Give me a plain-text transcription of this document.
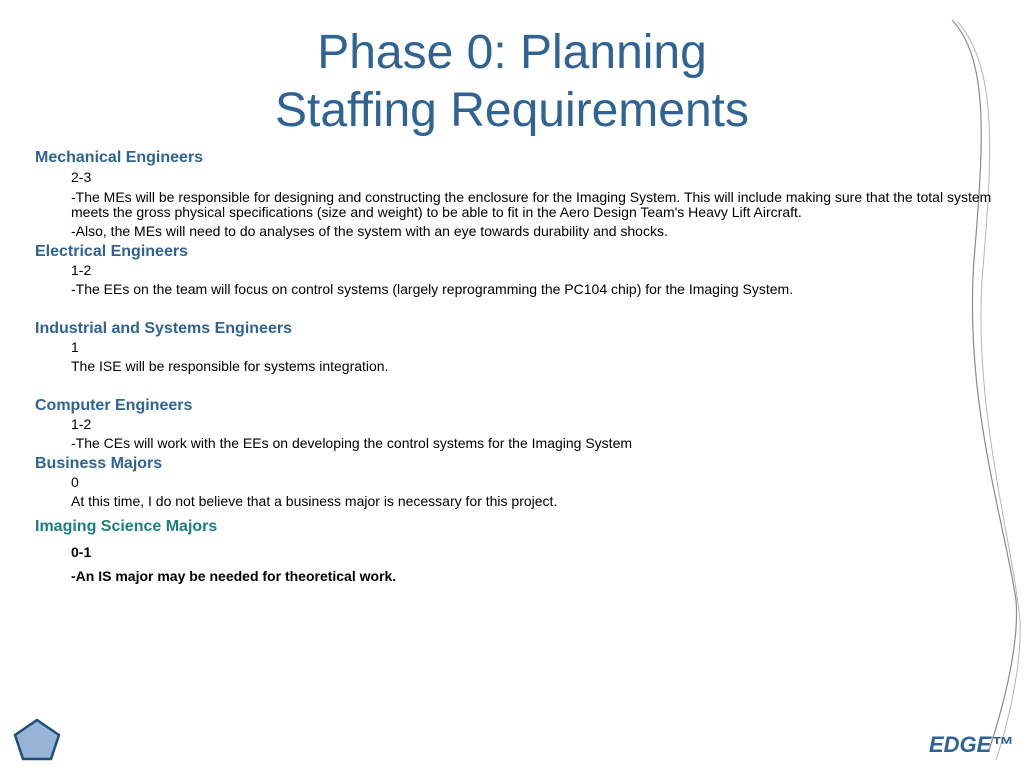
Phase 0: Planning
Staffing Requirements
Mechanical Engineers
2-3
-The MEs will be responsible for designing and constructing the enclosure for the Imaging System. This will include making sure that the total system meets the gross physical specifications (size and weight) to be able to fit in the Aero Design Team's Heavy Lift Aircraft.
-Also, the MEs will need to do analyses of the system with an eye towards durability and shocks.
Electrical Engineers
1-2
-The EEs on the team will focus on control systems (largely reprogramming the PC104 chip) for the Imaging System.
Industrial and Systems Engineers
1
The ISE will be responsible for systems integration.
Computer Engineers
1-2
-The CEs will work with the EEs on developing the control systems for the Imaging System
Business Majors
0
At this time, I do not believe that a business major is necessary for this project.
Imaging Science Majors
0-1
-An IS major may be needed for theoretical work.
EDGE™
